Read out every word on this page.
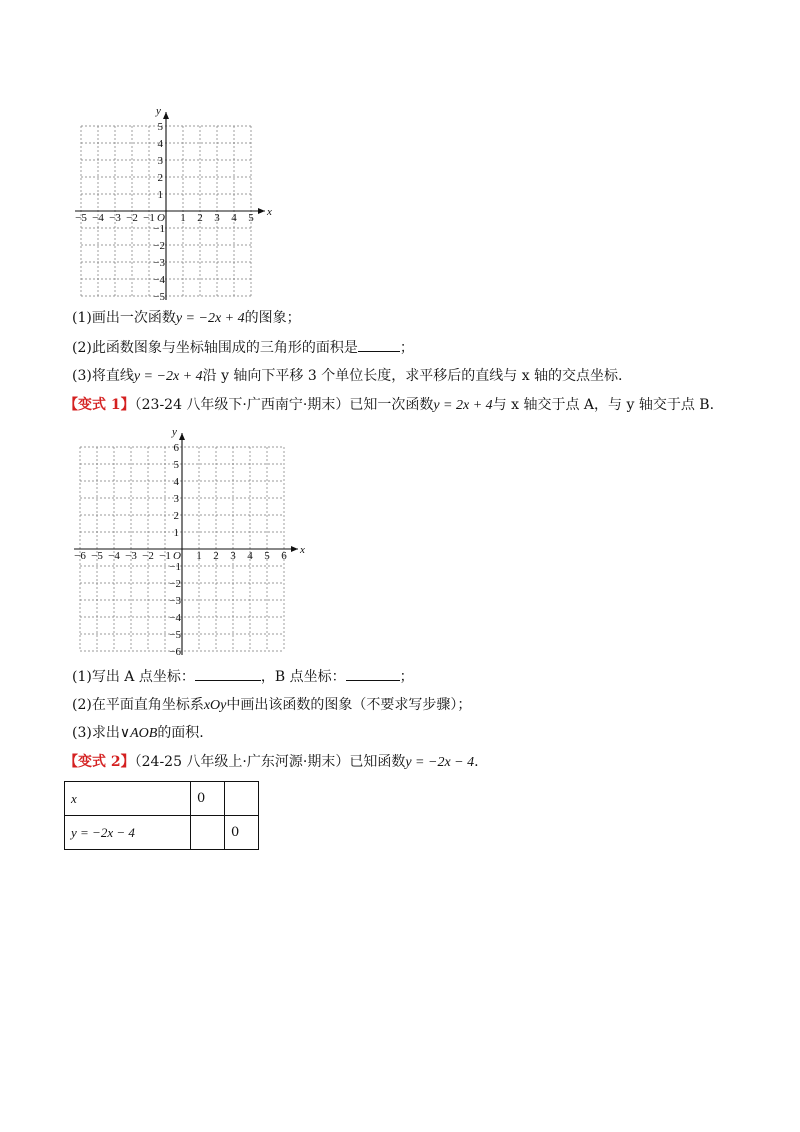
x
y
O
−5 −4 −3 −2 −1 1 2 3 4 5
1
2
3
4
5
−1
−2
−3
−4
−5
(1)画出一次函数y = −2x + 4的图象；
(2)此函数图象与坐标轴围成的三角形的面积是	；
(3)将直线y = −2x + 4沿 y 轴向下平移 3 个单位长度，求平移后的直线与 x 轴的交点坐标.
【变式 1】（23-24 八年级下·广西南宁·期末）已知一次函数y = 2x + 4与 x 轴交于点 A，与 y 轴交于点 B.
x
y
O
−6 −5 −4 −3 −2 −1 1 2 3 4 5 6
1
2
3
4
5
6
−1
−2
−3
−4
−5
−6
(1)写出 A 点坐标：	，B 点坐标：	；
(2)在平面直角坐标系xOy中画出该函数的图象（不要求写步骤）；
(3)求出∨AOB的面积.
【变式 2】（24-25 八年级上·广东河源·期末）已知函数y = −2x − 4.
x	0	
y = −2x − 4		0
